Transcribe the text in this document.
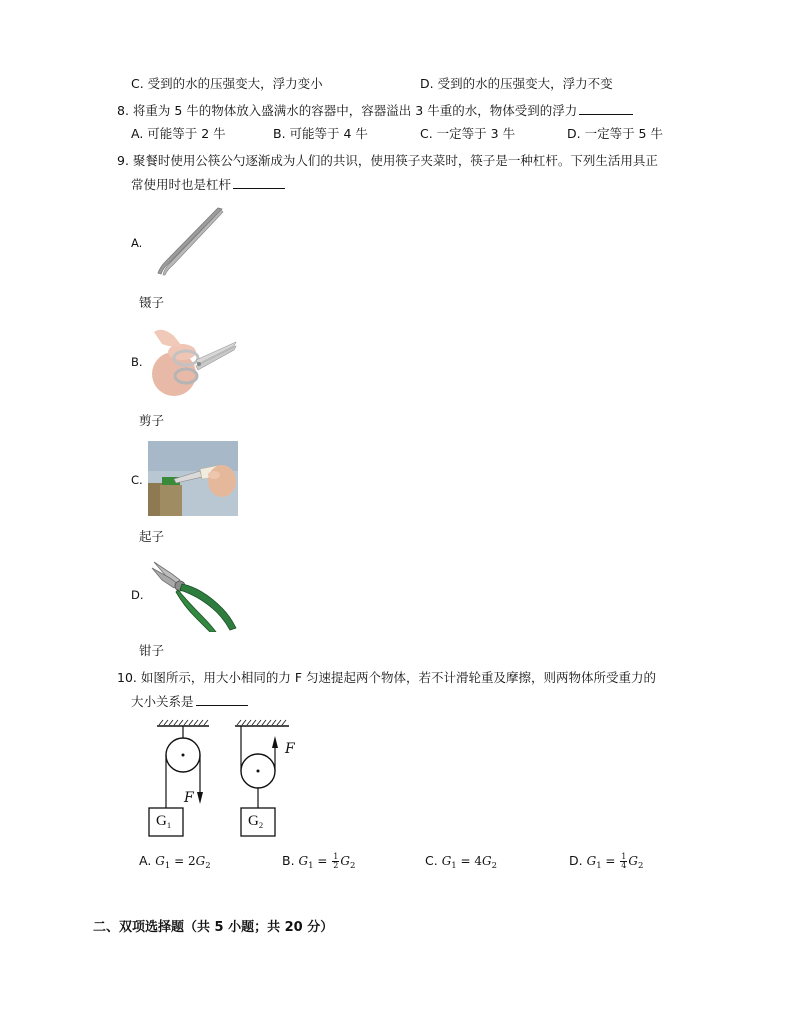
C. 受到的水的压强变大，浮力变小	D. 受到的水的压强变大，浮力不变
8. 将重为 5 牛的物体放入盛满水的容器中，容器溢出 3 牛重的水，物体受到的浮力
A. 可能等于 2 牛	B. 可能等于 4 牛	C. 一定等于 3 牛	D. 一定等于 5 牛
9. 聚餐时使用公筷公勺逐渐成为人们的共识，使用筷子夹菜时，筷子是一种杠杆。下列生活用具正
常使用时也是杠杆
A.
镊子
B.
剪子
C.
起子
D.
钳子
10. 如图所示，用大小相同的力 F 匀速提起两个物体，若不计滑轮重及摩擦，则两物体所受重力的
大小关系是
F
F
$G_1$	$G_2$
A. $G_1 = 2G_2$	B. $G_1 = \frac{1}{2} G_2$	C. $G_1 = 4G_2$	D. $G_1 = \frac{1}{4} G_2$
二、双项选择题（共 5 小题；共 20 分）
